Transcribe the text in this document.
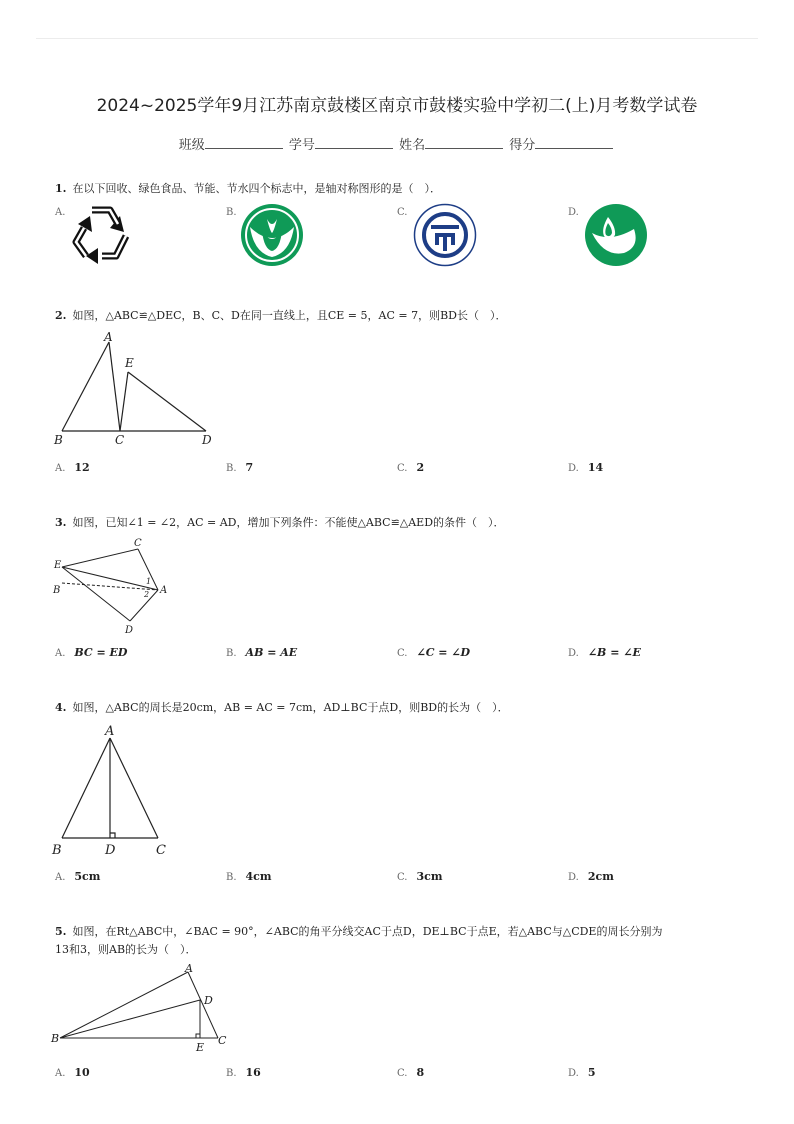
2024~2025学年9月江苏南京鼓楼区南京市鼓楼实验中学初二(上)月考数学试卷
班级	学号	姓名	得分
1. 在以下回收、绿色食品、节能、节水四个标志中，是轴对称图形的是（　）．
A.	B.	C.	D.
2. 如图，△ABC≌△DEC，B、C、D在同一直线上，且CE = 5，AC = 7，则BD长（　）．
A
E
B	C	D
A. 12	B. 7	C. 2	D. 14
3. 如图，已知∠1 = ∠2，AC = AD，增加下列条件：不能使△ABC≌△AED的条件（　）．
C
E
B	A
D
1
2
A. BC = ED	B. AB = AE	C. ∠C = ∠D	D. ∠B = ∠E
4. 如图，△ABC的周长是20cm，AB = AC = 7cm，AD⊥BC于点D，则BD的长为（　）．
A
B	D	C
A. 5cm	B. 4cm	C. 3cm	D. 2cm
5. 如图，在Rt△ABC中，∠BAC = 90°，∠ABC的角平分线交AC于点D，DE⊥BC于点E，若△ABC与△CDE的周长分别为
13和3，则AB的长为（　）．
A
D
B
E
C
A. 10	B. 16	C. 8	D. 5
